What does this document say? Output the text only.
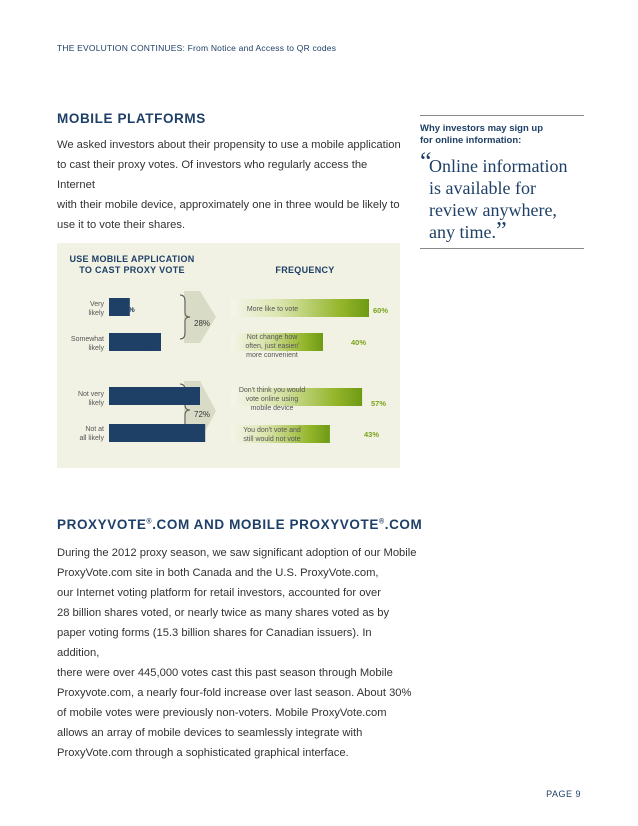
THE EVOLUTION CONTINUES: From Notice and Access to QR codes
MOBILE PLATFORMS
We asked investors about their propensity to use a mobile application
to cast their proxy votes. Of investors who regularly access the Internet
with their mobile device, approximately one in three would be likely to
use it to vote their shares.
Why investors may sign up
for online information:
“
Online information
is available for
review anywhere,
any time.”
USE MOBILE APPLICATION
TO CAST PROXY VOTE	FREQUENCY
Very
likely
Somewhat
likely
Not very
likely
Not at
all likely
8%
20%
35%
37%
28%
72%
More like to vote
Not change how
often, just easier/
more convenient
Don't think you would
vote online using
mobile device
You don't vote and
still would not vote
60%
40%
57%
43%
PROXYVOTE®.COM AND MOBILE PROXYVOTE®.COM
During the 2012 proxy season, we saw significant adoption of our Mobile
ProxyVote.com site in both Canada and the U.S. ProxyVote.com,
our Internet voting platform for retail investors, accounted for over
28 billion shares voted, or nearly twice as many shares voted as by
paper voting forms (15.3 billion shares for Canadian issuers). In addition,
there were over 445,000 votes cast this past season through Mobile
Proxyvote.com, a nearly four-fold increase over last season. About 30%
of mobile votes were previously non-voters. Mobile ProxyVote.com
allows an array of mobile devices to seamlessly integrate with
ProxyVote.com through a sophisticated graphical interface.
PAGE 9
